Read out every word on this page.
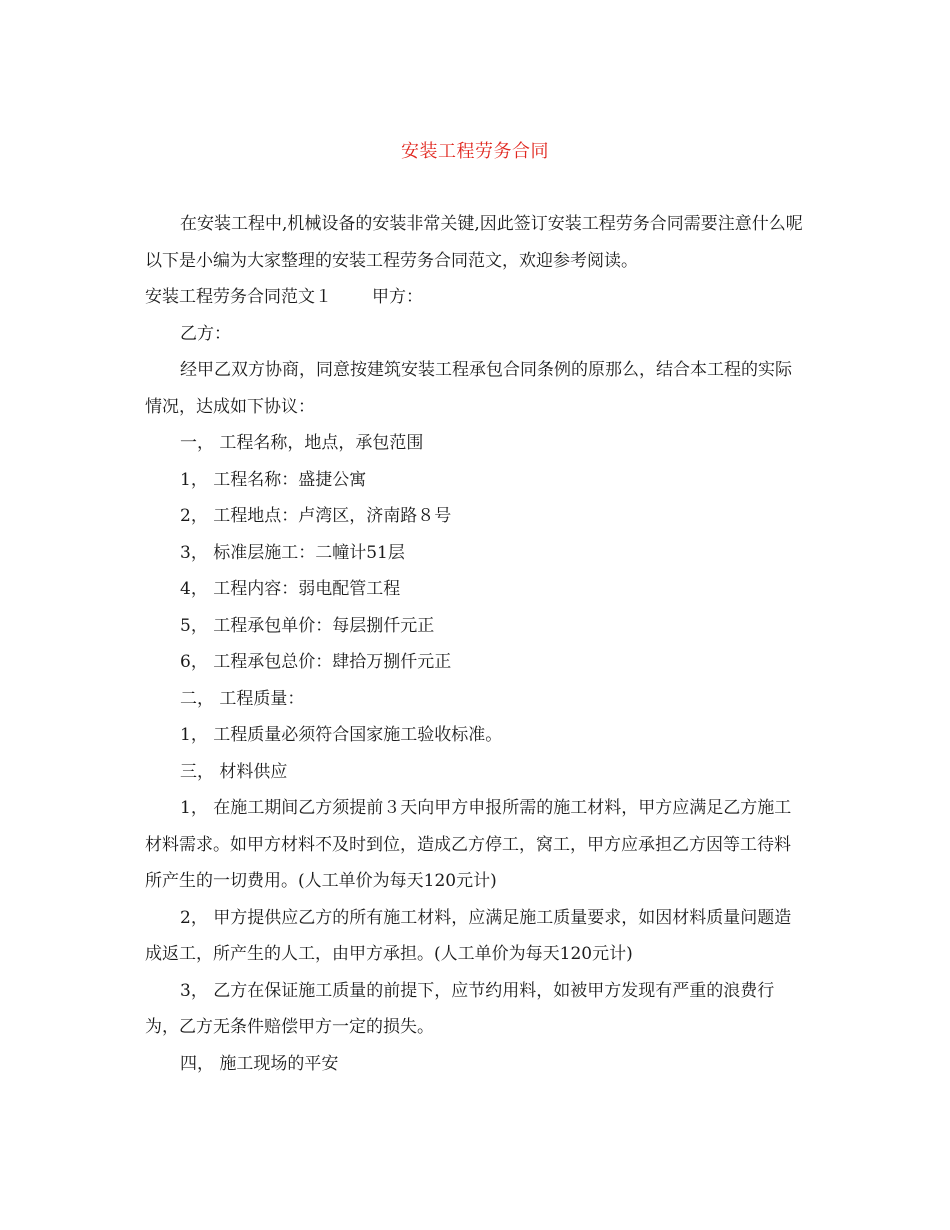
安装工程劳务合同

在安装工程中,机械设备的安装非常关键,因此签订安装工程劳务合同需要注意什么呢以下是小编为大家整理的安装工程劳务合同范文，欢迎参考阅读。

安装工程劳务合同范文１ 甲方：

乙方：

经甲乙双方协商，同意按建筑安装工程承包合同条例的原那么，结合本工程的实际情况，达成如下协议：

一， 工程名称，地点，承包范围

1， 工程名称：盛捷公寓

2， 工程地点：卢湾区，济南路８号

3， 标准层施工：二幢计51层

4， 工程内容：弱电配管工程

5， 工程承包单价：每层捌仟元正

6， 工程承包总价：肆拾万捌仟元正

二， 工程质量：

1， 工程质量必须符合国家施工验收标准。

三， 材料供应

1， 在施工期间乙方须提前３天向甲方申报所需的施工材料，甲方应满足乙方施工材料需求。如甲方材料不及时到位，造成乙方停工，窝工，甲方应承担乙方因等工待料所产生的一切费用。(人工单价为每天120元计)

2， 甲方提供应乙方的所有施工材料，应满足施工质量要求，如因材料质量问题造成返工，所产生的人工，由甲方承担。(人工单价为每天120元计)

3， 乙方在保证施工质量的前提下，应节约用料，如被甲方发现有严重的浪费行为，乙方无条件赔偿甲方一定的损失。

四， 施工现场的平安
